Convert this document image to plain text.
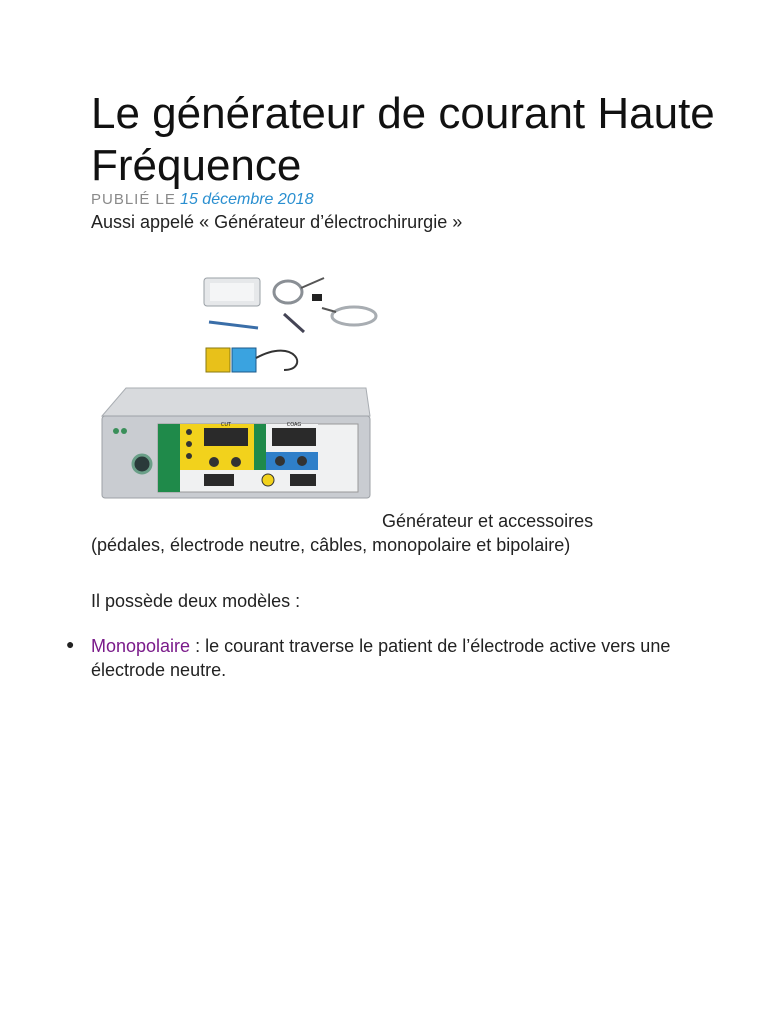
Le générateur de courant Haute Fréquence
PUBLIÉ LE 15 décembre 2018
Aussi appelé « Générateur d’électrochirurgie »
CUT	COAG
Générateur et accessoires
(pédales, électrode neutre, câbles, monopolaire et bipolaire)
Il possède deux modèles :
● Monopolaire : le courant traverse le patient de l’électrode active vers une électrode neutre.
